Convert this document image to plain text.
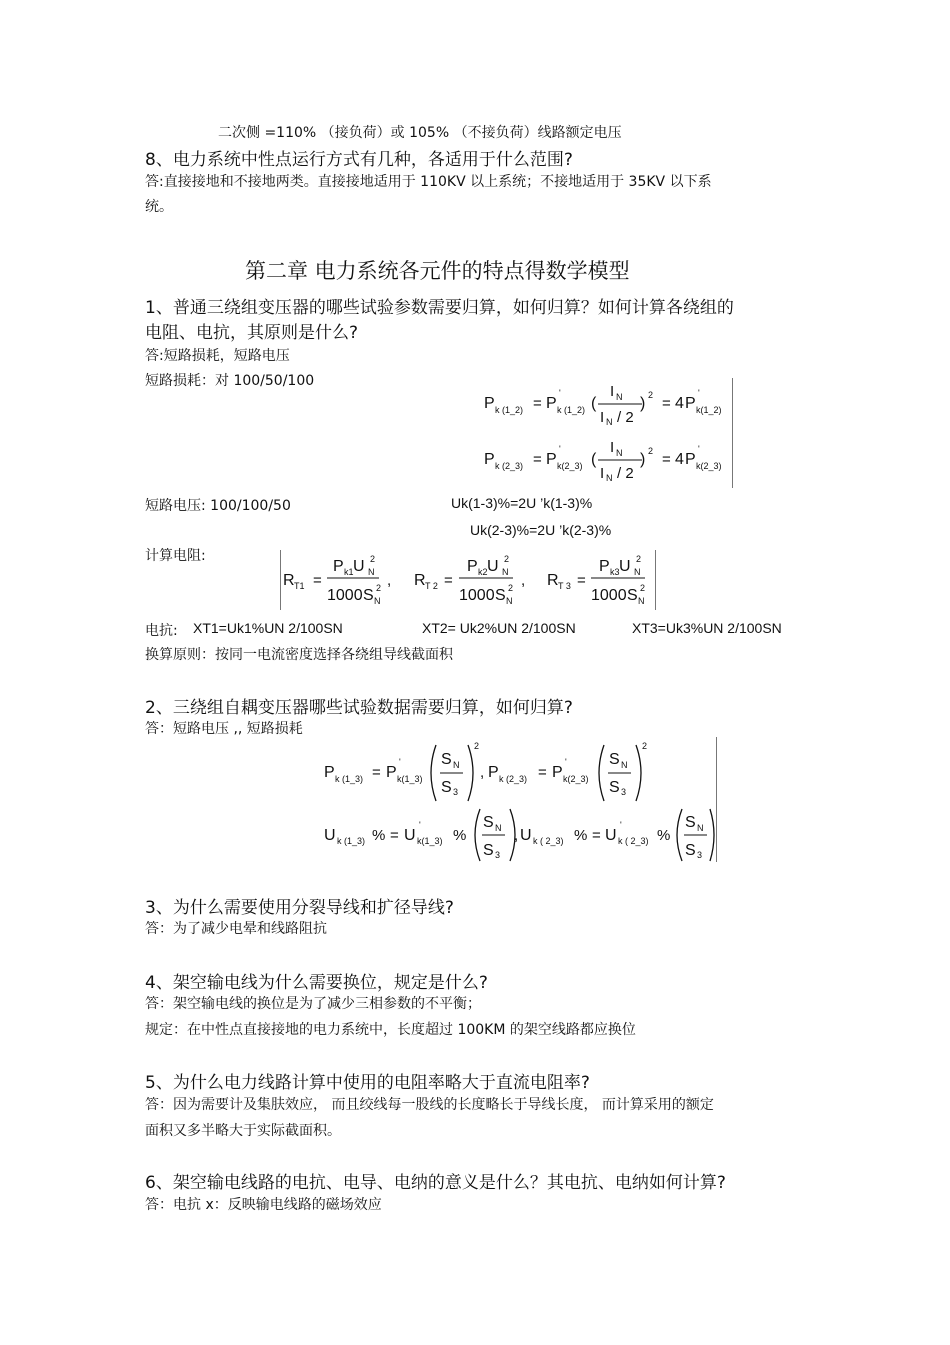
二次侧 =110% （接负荷）或 105% （不接负荷）线路额定电压
8、电力系统中性点运行方式有几种，各适用于什么范围?
答:直接接地和不接地两类。直接接地适用于 110KV 以上系统；不接地适用于 35KV 以下系
统。
第二章 电力系统各元件的特点得数学模型
1、普通三绕组变压器的哪些试验参数需要归算，如何归算？如何计算各绕组的
电阻、电抗，其原则是什么?
答:短路损耗，短路电压
短路损耗：对 100/50/100
P k (1_2) = P
'
k (1_2) (
I N
I N / 2
) 2 = 4 P
'
k(1_2)
P k (2_3) = P
'
k(2_3) (
I N
I N / 2
) 2 = 4 P
'
k(2_3)
短路电压: 100/100/50	Uk(1-3)%=2U ’k(1-3)%
Uk(2-3)%=2U ’k(2-3)%
计算电阻:
R T1 =
P k1 U 2
N
1000 S 2
N
, R T 2 =
P k2 U 2
N
1000 S 2
N
, R T 3 =
P k3 U 2
N
1000 S 2
N
电抗: XT1=Uk1%UN 2/100SN	XT2= Uk2%UN 2/100SN	XT3=Uk3%UN 2/100SN
换算原则：按同一电流密度选择各绕组导线截面积
2、三绕组自耦变压器哪些试验数据需要归算，如何归算?
答：短路电压 ,, 短路损耗
P k (1_3) = P
'
k(1_3)
S N
S 3
2
, P k (2_3) = P
'
k(2_3)
S N
S 3
2
U k (1_3) % = U
'
k(1_3) %
S N
S 3
, U k ( 2_3) % = U
'
k ( 2_3) %
S N
S 3
3、为什么需要使用分裂导线和扩径导线?
答：为了减少电晕和线路阻抗
4、架空输电线为什么需要换位，规定是什么?
答：架空输电线的换位是为了减少三相参数的不平衡；
规定：在中性点直接接地的电力系统中，长度超过 100KM 的架空线路都应换位
5、为什么电力线路计算中使用的电阻率略大于直流电阻率?
答：因为需要计及集肤效应， 而且绞线每一股线的长度略长于导线长度， 而计算采用的额定
面积又多半略大于实际截面积。
6、架空输电线路的电抗、电导、电纳的意义是什么？其电抗、电纳如何计算?
答：电抗 x：反映输电线路的磁场效应
